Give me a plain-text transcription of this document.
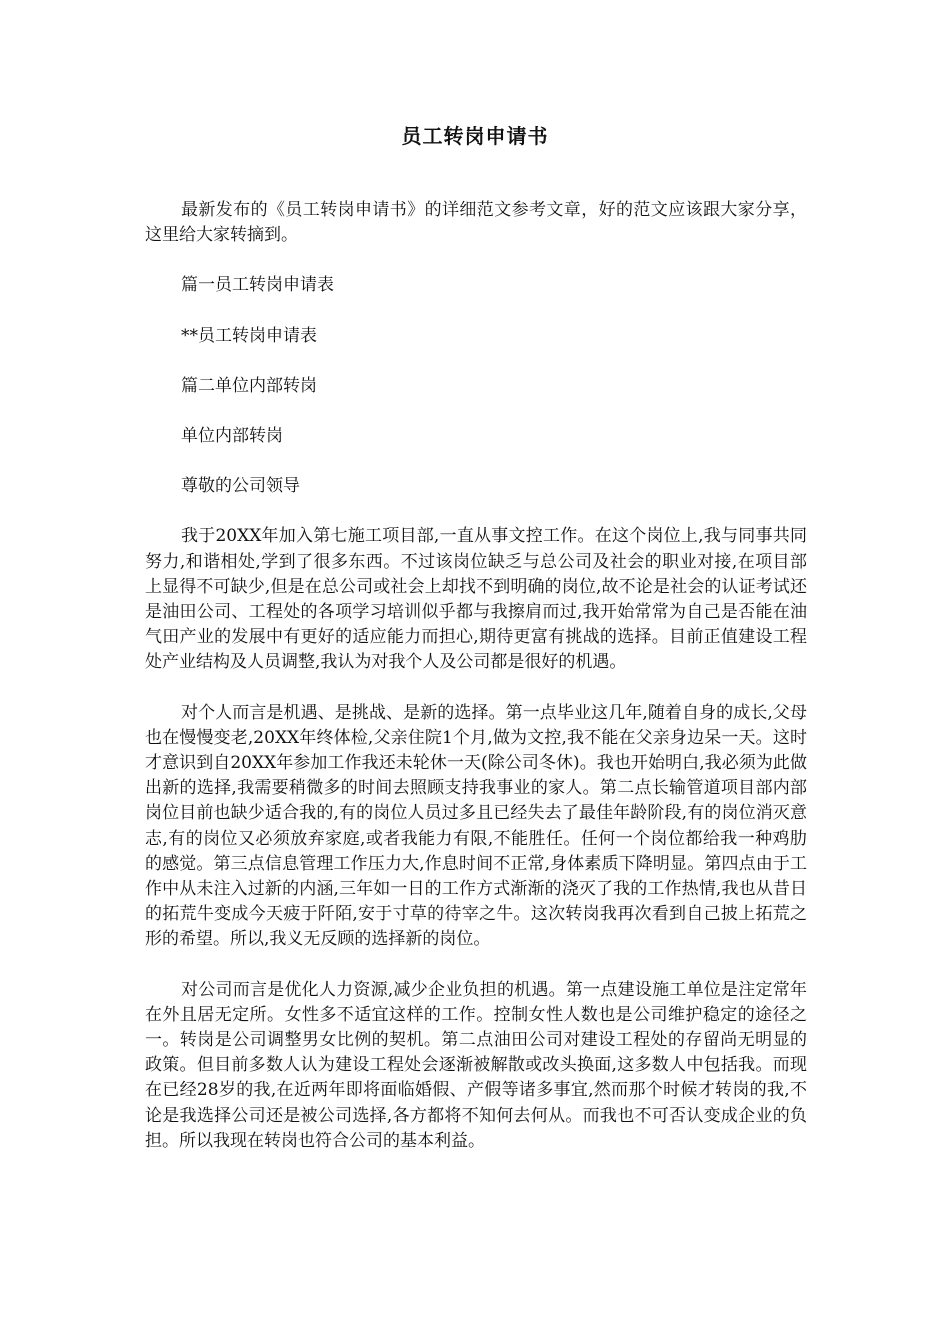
员工转岗申请书

最新发布的《员工转岗申请书》的详细范文参考文章，好的范文应该跟大家分享，这里给大家转摘到。

篇一员工转岗申请表

**员工转岗申请表

篇二单位内部转岗

单位内部转岗

尊敬的公司领导

我于20XX年加入第七施工项目部,一直从事文控工作。在这个岗位上,我与同事共同努力,和谐相处,学到了很多东西。不过该岗位缺乏与总公司及社会的职业对接,在项目部上显得不可缺少,但是在总公司或社会上却找不到明确的岗位,故不论是社会的认证考试还是油田公司、工程处的各项学习培训似乎都与我擦肩而过,我开始常常为自己是否能在油气田产业的发展中有更好的适应能力而担心,期待更富有挑战的选择。目前正值建设工程处产业结构及人员调整,我认为对我个人及公司都是很好的机遇。

对个人而言是机遇、是挑战、是新的选择。第一点毕业这几年,随着自身的成长,父母也在慢慢变老,20XX年终体检,父亲住院1个月,做为文控,我不能在父亲身边呆一天。这时才意识到自20XX年参加工作我还未轮休一天(除公司冬休)。我也开始明白,我必须为此做出新的选择,我需要稍微多的时间去照顾支持我事业的家人。第二点长输管道项目部内部岗位目前也缺少适合我的,有的岗位人员过多且已经失去了最佳年龄阶段,有的岗位消灭意志,有的岗位又必须放弃家庭,或者我能力有限,不能胜任。任何一个岗位都给我一种鸡肋的感觉。第三点信息管理工作压力大,作息时间不正常,身体素质下降明显。第四点由于工作中从未注入过新的内涵,三年如一日的工作方式渐渐的浇灭了我的工作热情,我也从昔日的拓荒牛变成今天疲于阡陌,安于寸草的待宰之牛。这次转岗我再次看到自己披上拓荒之形的希望。所以,我义无反顾的选择新的岗位。

对公司而言是优化人力资源,减少企业负担的机遇。第一点建设施工单位是注定常年在外且居无定所。女性多不适宜这样的工作。控制女性人数也是公司维护稳定的途径之一。转岗是公司调整男女比例的契机。第二点油田公司对建设工程处的存留尚无明显的政策。但目前多数人认为建设工程处会逐渐被解散或改头换面,这多数人中包括我。而现在已经28岁的我,在近两年即将面临婚假、产假等诸多事宜,然而那个时候才转岗的我,不论是我选择公司还是被公司选择,各方都将不知何去何从。而我也不可否认变成企业的负担。所以我现在转岗也符合公司的基本利益。
